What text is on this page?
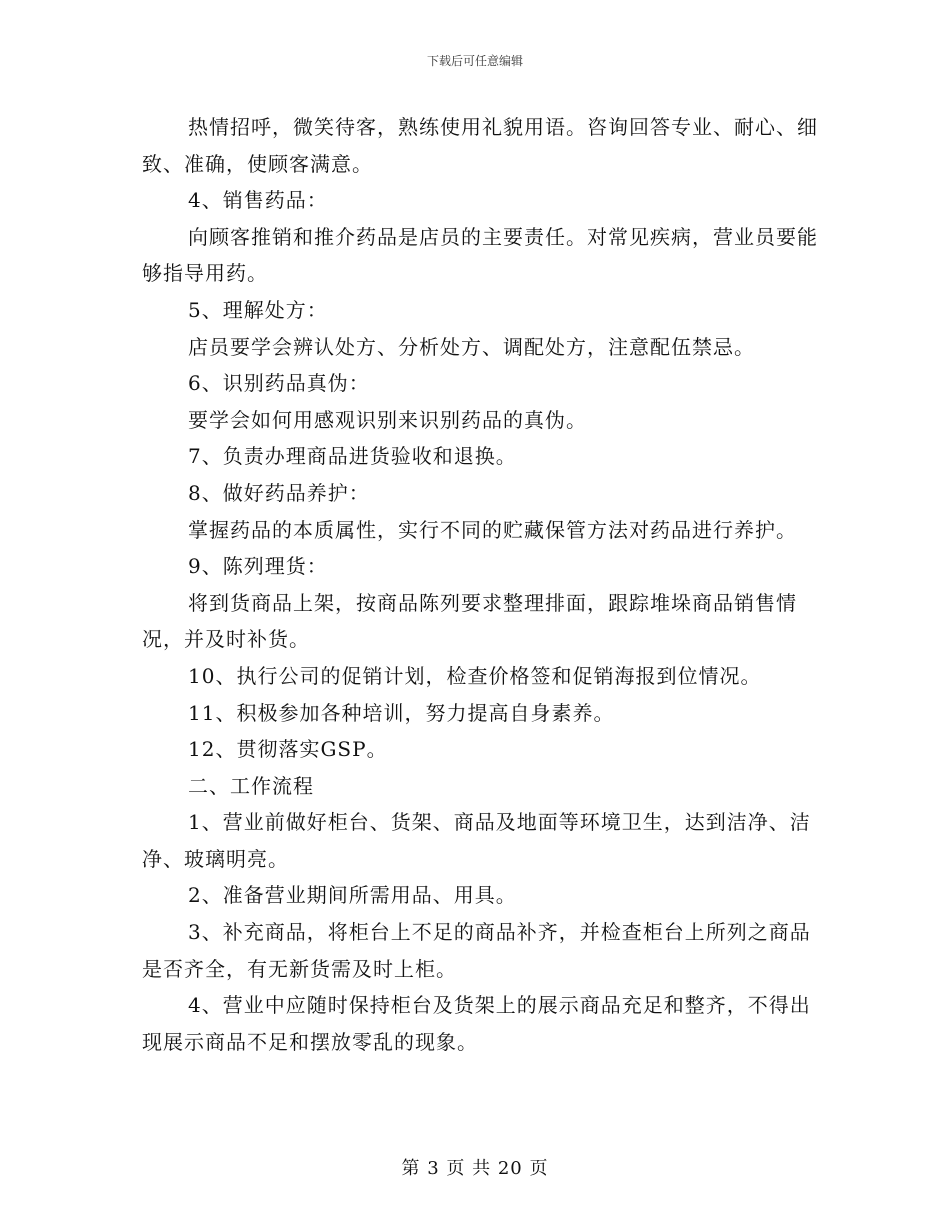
下载后可任意编辑

热情招呼，微笑待客，熟练使用礼貌用语。咨询回答专业、耐心、细致、准确，使顾客满意。

4、销售药品：

向顾客推销和推介药品是店员的主要责任。对常见疾病，营业员要能够指导用药。

5、理解处方：

店员要学会辨认处方、分析处方、调配处方，注意配伍禁忌。

6、识别药品真伪：

要学会如何用感观识别来识别药品的真伪。

7、负责办理商品进货验收和退换。

8、做好药品养护：

掌握药品的本质属性，实行不同的贮藏保管方法对药品进行养护。

9、陈列理货：

将到货商品上架，按商品陈列要求整理排面，跟踪堆垛商品销售情况，并及时补货。

10、执行公司的促销计划，检查价格签和促销海报到位情况。

11、积极参加各种培训，努力提高自身素养。

12、贯彻落实GSP。

二、工作流程

1、营业前做好柜台、货架、商品及地面等环境卫生，达到洁净、洁净、玻璃明亮。

2、准备营业期间所需用品、用具。

3、补充商品，将柜台上不足的商品补齐，并检查柜台上所列之商品是否齐全，有无新货需及时上柜。

4、营业中应随时保持柜台及货架上的展示商品充足和整齐，不得出现展示商品不足和摆放零乱的现象。

第 3 页 共 20 页
